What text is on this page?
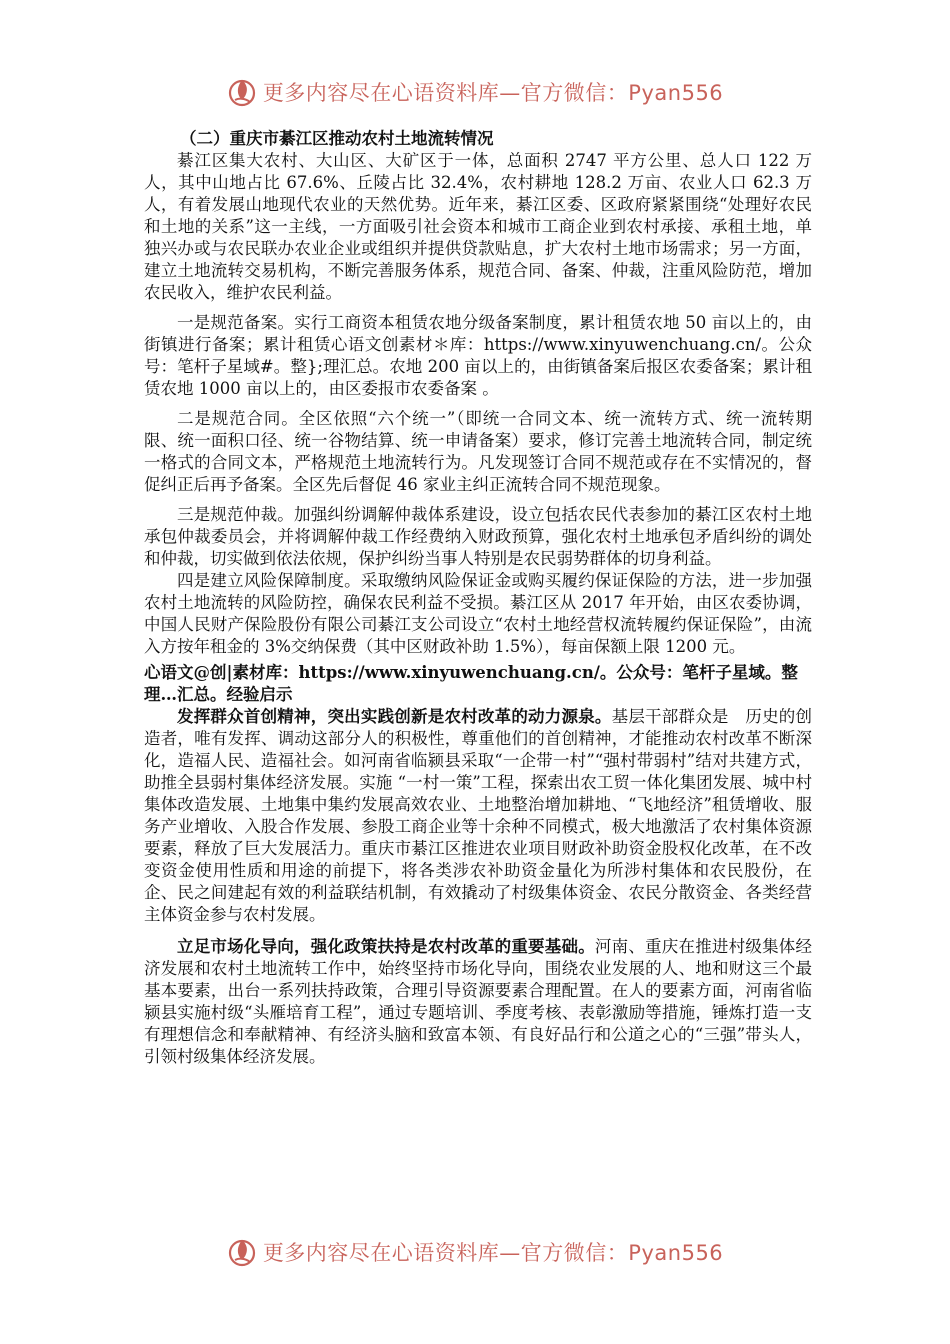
更多内容尽在心语资料库—官方微信：Pyan556

（二）重庆市綦江区推动农村土地流转情况

綦江区集大农村、大山区、大矿区于一体，总面积 2747 平方公里、总人口 122 万人，其中山地占比 67.6%、丘陵占比 32.4%，农村耕地 128.2 万亩、农业人口 62.3 万人，有着发展山地现代农业的天然优势。近年来，綦江区委、区政府紧紧围绕“处理好农民和土地的关系”这一主线，一方面吸引社会资本和城市工商企业到农村承接、承租土地，单独兴办或与农民联办农业企业或组织并提供贷款贴息，扩大农村土地市场需求；另一方面，建立土地流转交易机构，不断完善服务体系，规范合同、备案、仲裁，注重风险防范，增加农民收入，维护农民利益。

一是规范备案。实行工商资本租赁农地分级备案制度，累计租赁农地 50 亩以上的，由街镇进行备案；累计租赁心语文创素材＊库：https://www.xinyuwenchuang.cn/。公众号：笔杆子星域#。整};理汇总。农地 200 亩以上的，由街镇备案后报区农委备案；累计租赁农地 1000 亩以上的，由区委报市农委备案 。

二是规范合同。全区依照“六个统一”（即统一合同文本、统一流转方式、统一流转期限、统一面积口径、统一谷物结算、统一申请备案）要求，修订完善土地流转合同，制定统一格式的合同文本，严格规范土地流转行为。凡发现签订合同不规范或存在不实情况的，督促纠正后再予备案。全区先后督促 46 家业主纠正流转合同不规范现象。

三是规范仲裁。加强纠纷调解仲裁体系建设，设立包括农民代表参加的綦江区农村土地承包仲裁委员会，并将调解仲裁工作经费纳入财政预算，强化农村土地承包矛盾纠纷的调处和仲裁，切实做到依法依规，保护纠纷当事人特别是农民弱势群体的切身利益。

四是建立风险保障制度。采取缴纳风险保证金或购买履约保证保险的方法，进一步加强农村土地流转的风险防控，确保农民利益不受损。綦江区从 2017 年开始，由区农委协调，中国人民财产保险股份有限公司綦江支公司设立“农村土地经营权流转履约保证保险”，由流入方按年租金的 3%交纳保费（其中区财政补助 1.5%），每亩保额上限 1200 元。

心语文@创|素材库：https://www.xinyuwenchuang.cn/。公众号：笔杆子星域。整理…汇总。经验启示

发挥群众首创精神，突出实践创新是农村改革的动力源泉。基层干部群众是　历史的创造者，唯有发挥、调动这部分人的积极性，尊重他们的首创精神，才能推动农村改革不断深化，造福人民、造福社会。如河南省临颍县采取“一企带一村”“强村带弱村”结对共建方式，助推全县弱村集体经济发展。实施 “一村一策”工程，探索出农工贸一体化集团发展、城中村集体改造发展、土地集中集约发展高效农业、土地整治增加耕地、“飞地经济”租赁增收、服务产业增收、入股合作发展、参股工商企业等十余种不同模式，极大地激活了农村集体资源要素，释放了巨大发展活力。重庆市綦江区推进农业项目财政补助资金股权化改革，在不改变资金使用性质和用途的前提下，将各类涉农补助资金量化为所涉村集体和农民股份，在企、民之间建起有效的利益联结机制，有效撬动了村级集体资金、农民分散资金、各类经营主体资金参与农村发展。

立足市场化导向，强化政策扶持是农村改革的重要基础。河南、重庆在推进村级集体经济发展和农村土地流转工作中，始终坚持市场化导向，围绕农业发展的人、地和财这三个最基本要素，出台一系列扶持政策，合理引导资源要素合理配置。在人的要素方面，河南省临颍县实施村级“头雁培育工程”，通过专题培训、季度考核、表彰激励等措施，锤炼打造一支有理想信念和奉献精神、有经济头脑和致富本领、有良好品行和公道之心的“三强”带头人，引领村级集体经济发展。

更多内容尽在心语资料库—官方微信：Pyan556
